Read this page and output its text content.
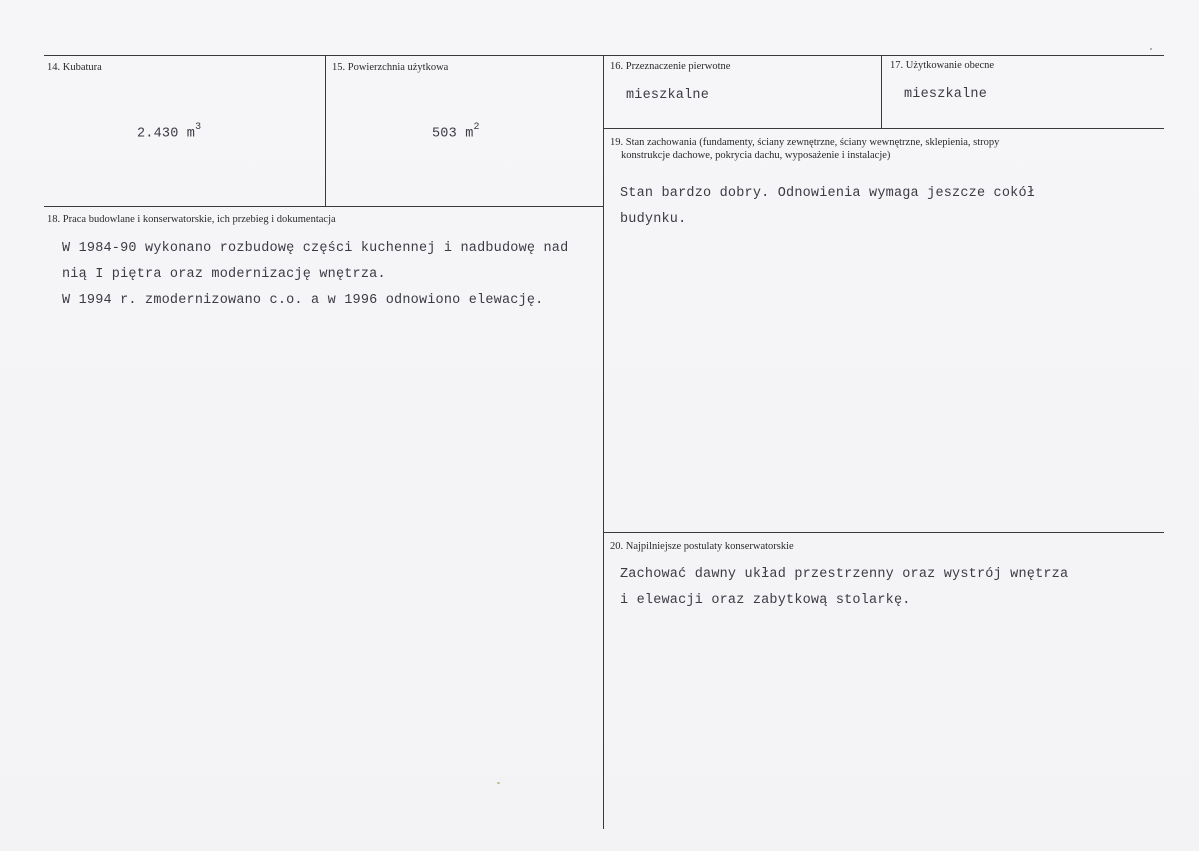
14. Kubatura
2.430 $m^3$
15. Powierzchnia użytkowa
503 $m^2$
16. Przeznaczenie pierwotne
mieszkalne
17. Użytkowanie obecne
mieszkalne
19. Stan zachowania (fundamenty, ściany zewnętrzne, ściany wewnętrzne, sklepienia, stropy
konstrukcje dachowe, pokrycia dachu, wyposażenie i instalacje)
Stan bardzo dobry. Odnowienia wymaga jeszcze cokół
budynku.
18. Praca budowlane i konserwatorskie, ich przebieg i dokumentacja
W 1984-90 wykonano rozbudowę części kuchennej i nadbudowę nad
nią I piętra oraz modernizację wnętrza.
W 1994 r. zmodernizowano c.o. a w 1996 odnowiono elewację.
20. Najpilniejsze postulaty konserwatorskie
Zachować dawny układ przestrzenny oraz wystrój wnętrza
i elewacji oraz zabytkową stolarkę.
